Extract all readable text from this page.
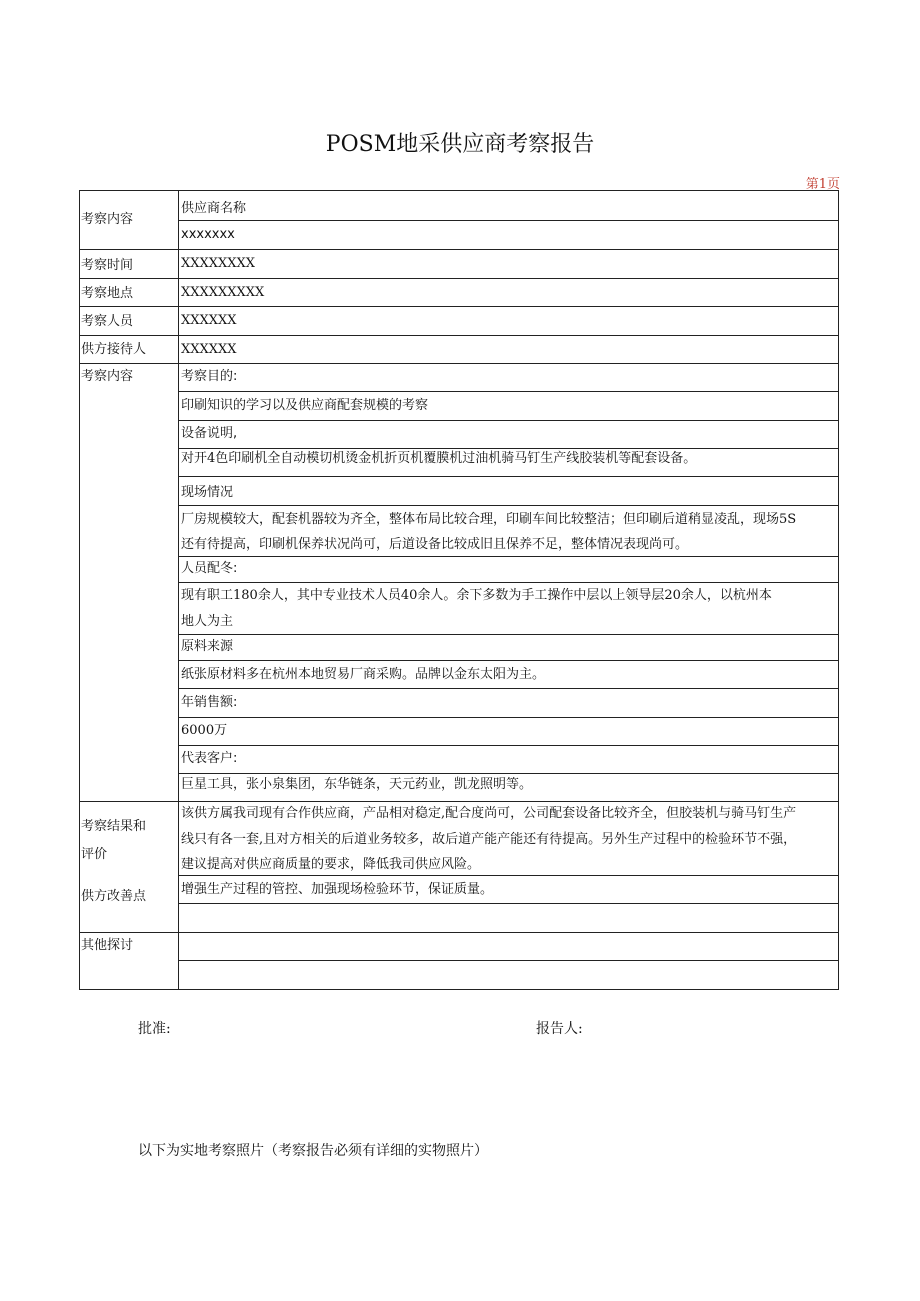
POSM地采供应商考察报告
第1页
考察内容
考察时间
考察地点
考察人员
供方接待人
考察内容
考察结果和
评价
供方改善点
其他探讨
供应商名称
xxxxxxx
XXXXXXXX
XXXXXXXXX
XXXXXX
XXXXXX
考察目的:
印刷知识的学习以及供应商配套规模的考察
设备说明,
对开4色印刷机全自动模切机烫金机折页机覆膜机过油机骑马钉生产线胶装机等配套设备。
现场情况
厂房规模较大，配套机器较为齐全，整体布局比较合理，印刷车间比较整洁；但印刷后道稍显凌乱，现场5S
还有待提高，印刷机保养状况尚可，后道设备比较成旧且保养不足，整体情况表现尚可。
人员配冬:
现有职工180余人，其中专业技术人员40余人。余下多数为手工操作中层以上领导层20余人，以杭州本
地人为主
原料来源
纸张原材料多在杭州本地贸易厂商采购。品牌以金东太阳为主。
年销售额:
6000万
代表客户:
巨星工具，张小泉集团，东华链条，天元药业，凯龙照明等。
该供方属我司现有合作供应商，产品相对稳定,配合度尚可，公司配套设备比较齐全，但胶装机与骑马钉生产
线只有各一套,且对方相关的后道业务较多，故后道产能产能还有待提高。另外生产过程中的检验环节不强，
建议提高对供应商质量的要求，降低我司供应风险。
增强生产过程的管控、加强现场检验环节，保证质量。
批准:	报告人:
以下为实地考察照片（考察报告必须有详细的实物照片）
